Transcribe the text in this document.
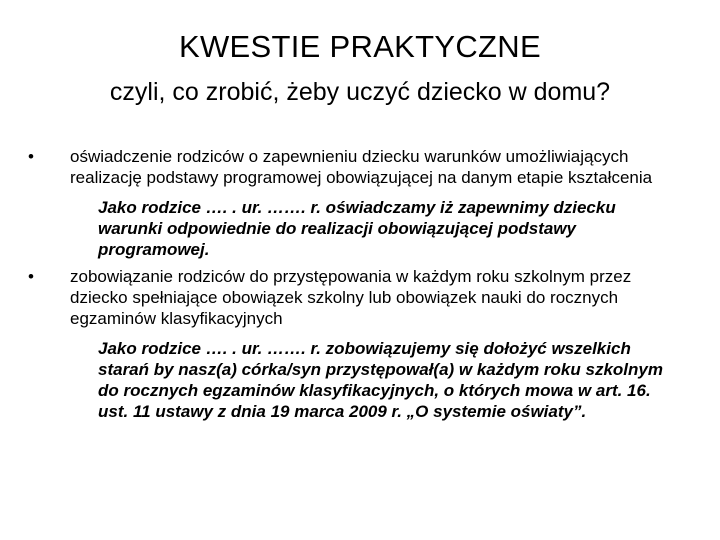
KWESTIE PRAKTYCZNE
czyli, co zrobić, żeby uczyć dziecko w domu?
•	oświadczenie rodziców o zapewnieniu dziecku warunków umożliwiających realizację podstawy programowej obowiązującej na danym etapie kształcenia
Jako rodzice …. . ur. ……. r. oświadczamy iż zapewnimy dziecku warunki odpowiednie do realizacji obowiązującej podstawy programowej.
•	zobowiązanie rodziców do przystępowania w każdym roku szkolnym przez dziecko spełniające obowiązek szkolny lub obowiązek nauki do rocznych egzaminów klasyfikacyjnych
Jako rodzice …. . ur. ……. r. zobowiązujemy się dołożyć wszelkich starań by nasz(a) córka/syn przystępował(a) w każdym roku szkolnym do rocznych egzaminów klasyfikacyjnych, o których mowa w art. 16. ust. 11 ustawy z dnia 19 marca 2009 r. „O systemie oświaty”.
